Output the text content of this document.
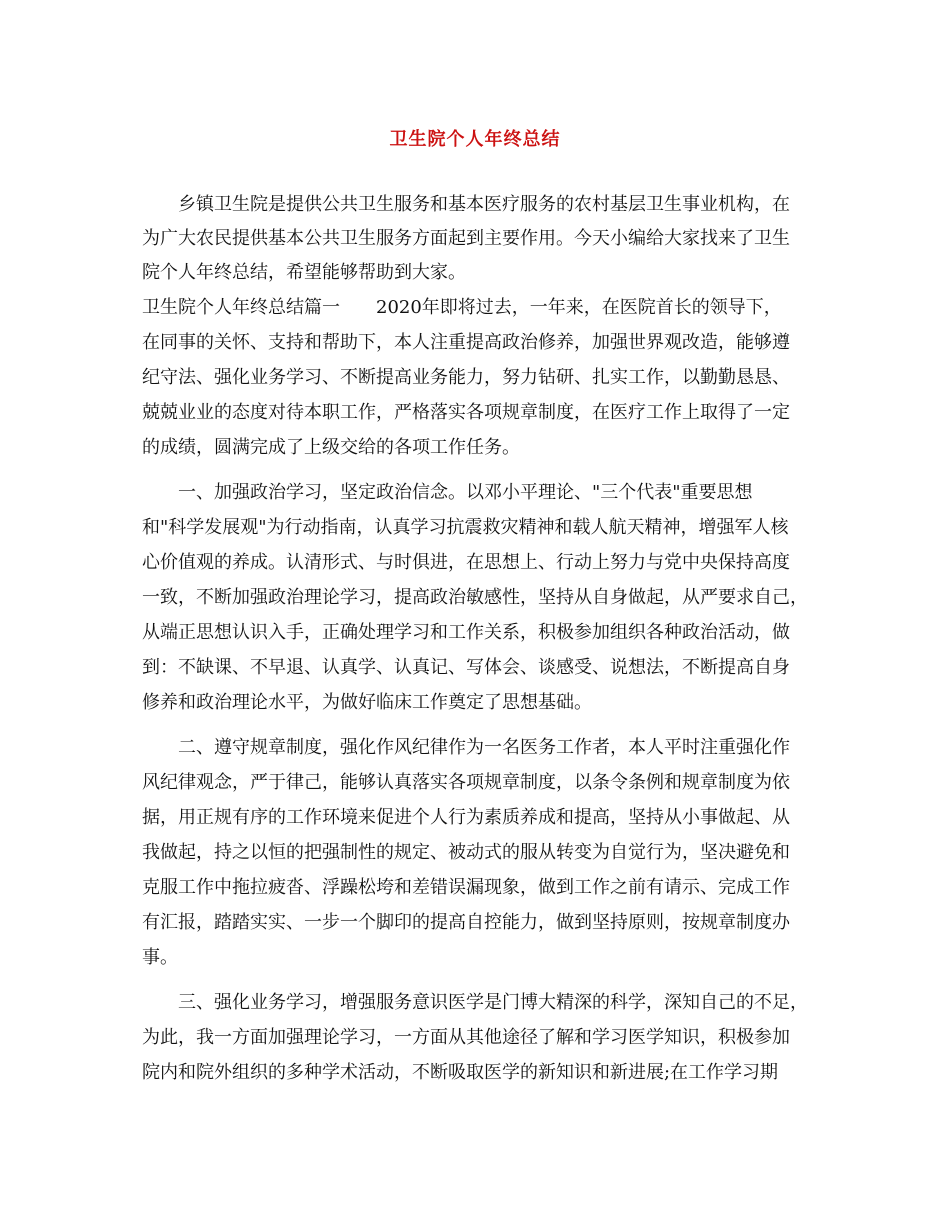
卫生院个人年终总结
乡镇卫生院是提供公共卫生服务和基本医疗服务的农村基层卫生事业机构，在
为广大农民提供基本公共卫生服务方面起到主要作用。今天小编给大家找来了卫生
院个人年终总结，希望能够帮助到大家。
卫生院个人年终总结篇一　　2020年即将过去，一年来，在医院首长的领导下，
在同事的关怀、支持和帮助下，本人注重提高政治修养，加强世界观改造，能够遵
纪守法、强化业务学习、不断提高业务能力，努力钻研、扎实工作，以勤勤恳恳、
兢兢业业的态度对待本职工作，严格落实各项规章制度，在医疗工作上取得了一定
的成绩，圆满完成了上级交给的各项工作任务。
一、加强政治学习，坚定政治信念。以邓小平理论、"三个代表"重要思想
和"科学发展观"为行动指南，认真学习抗震救灾精神和载人航天精神，增强军人核
心价值观的养成。认清形式、与时俱进，在思想上、行动上努力与党中央保持高度
一致，不断加强政治理论学习，提高政治敏感性，坚持从自身做起，从严要求自己，
从端正思想认识入手，正确处理学习和工作关系，积极参加组织各种政治活动，做
到：不缺课、不早退、认真学、认真记、写体会、谈感受、说想法，不断提高自身
修养和政治理论水平，为做好临床工作奠定了思想基础。
二、遵守规章制度，强化作风纪律作为一名医务工作者，本人平时注重强化作
风纪律观念，严于律己，能够认真落实各项规章制度，以条令条例和规章制度为依
据，用正规有序的工作环境来促进个人行为素质养成和提高，坚持从小事做起、从
我做起，持之以恒的把强制性的规定、被动式的服从转变为自觉行为，坚决避免和
克服工作中拖拉疲沓、浮躁松垮和差错误漏现象，做到工作之前有请示、完成工作
有汇报，踏踏实实、一步一个脚印的提高自控能力，做到坚持原则，按规章制度办
事。
三、强化业务学习，增强服务意识医学是门博大精深的科学，深知自己的不足，
为此，我一方面加强理论学习，一方面从其他途径了解和学习医学知识，积极参加
院内和院外组织的多种学术活动，不断吸取医学的新知识和新进展;在工作学习期
